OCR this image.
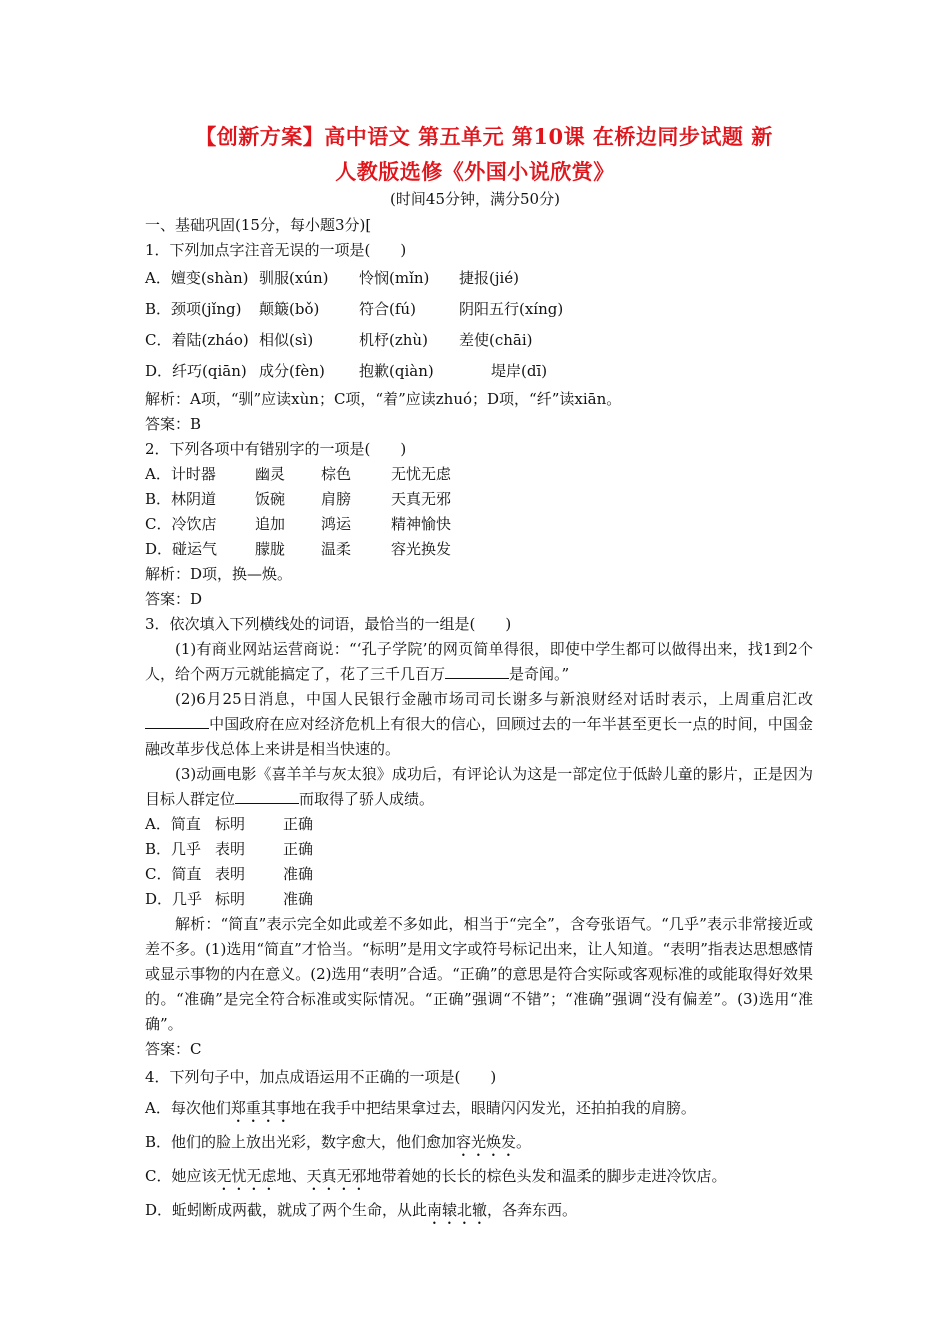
【创新方案】高中语文 第五单元 第10课 在桥边同步试题 新
人教版选修《外国小说欣赏》
(时间45分钟，满分50分)
一、基础巩固(15分，每小题3分)[
1．下列加点字注音无误的一项是(　　)
A．嬗变(shàn) 驯服(xún) 怜悯(mǐn) 捷报(jié)
B．颈项(jǐng) 颠簸(bǒ)	符合(fú)	阴阳五行(xíng)
C．着陆(zháo) 相似(sì)	机杼(zhù) 差使(chāi)
D．纤巧(qiān) 成分(fèn) 抱歉(qiàn)	堤岸(dī)
解析：A项，“驯”应读xùn；C项，“着”应读zhuó；D项，“纤”读xiān。
答案：B
2．下列各项中有错别字的一项是(　　)
A．计时器	幽灵 棕色	无忧无虑
B．林阴道	饭碗 肩膀	天真无邪
C．冷饮店	追加 鸿运	精神愉快
D．碰运气	朦胧 温柔	容光换发
解析：D项，换—焕。
答案：D
3．依次填入下列横线处的词语，最恰当的一组是(　　)
(1)有商业网站运营商说：“‘孔子学院’的网页简单得很，即使中学生都可以做得出来，找1到2个人，给个两万元就能搞定了，花了三千几百万	是奇闻。”
(2)6月25日消息，中国人民银行金融市场司司长谢多与新浪财经对话时表示，上周重启汇改中国政府在应对经济危机上有很大的信心，回顾过去的一年半甚至更长一点的时间，中国金融改革步伐总体上来讲是相当快速的。
(3)动画电影《喜羊羊与灰太狼》成功后，有评论认为这是一部定位于低龄儿童的影片，正是因为目标人群定位	而取得了骄人成绩。
A．简直 标明	正确
B．几乎 表明	正确
C．简直 表明	准确
D．几乎 标明	准确
解析：“简直”表示完全如此或差不多如此，相当于“完全”，含夸张语气。“几乎”表示非常接近或差不多。(1)选用“简直”才恰当。“标明”是用文字或符号标记出来，让人知道。“表明”指表达思想感情或显示事物的内在意义。(2)选用“表明”合适。“正确”的意思是符合实际或客观标准的或能取得好效果的。“准确”是完全符合标准或实际情况。“正确”强调“不错”；“准确”强调“没有偏差”。(3)选用“准确”。
答案：C
4．下列句子中，加点成语运用不正确的一项是(　　)
A．每次他们郑重其事地在我手中把结果拿过去，眼睛闪闪发光，还拍拍我的肩膀。
B．他们的脸上放出光彩，数字愈大，他们愈加容光焕发。
C．她应该无忧无虑地、天真无邪地带着她的长长的棕色头发和温柔的脚步走进冷饮店。
D．蚯蚓断成两截，就成了两个生命，从此南辕北辙，各奔东西。
